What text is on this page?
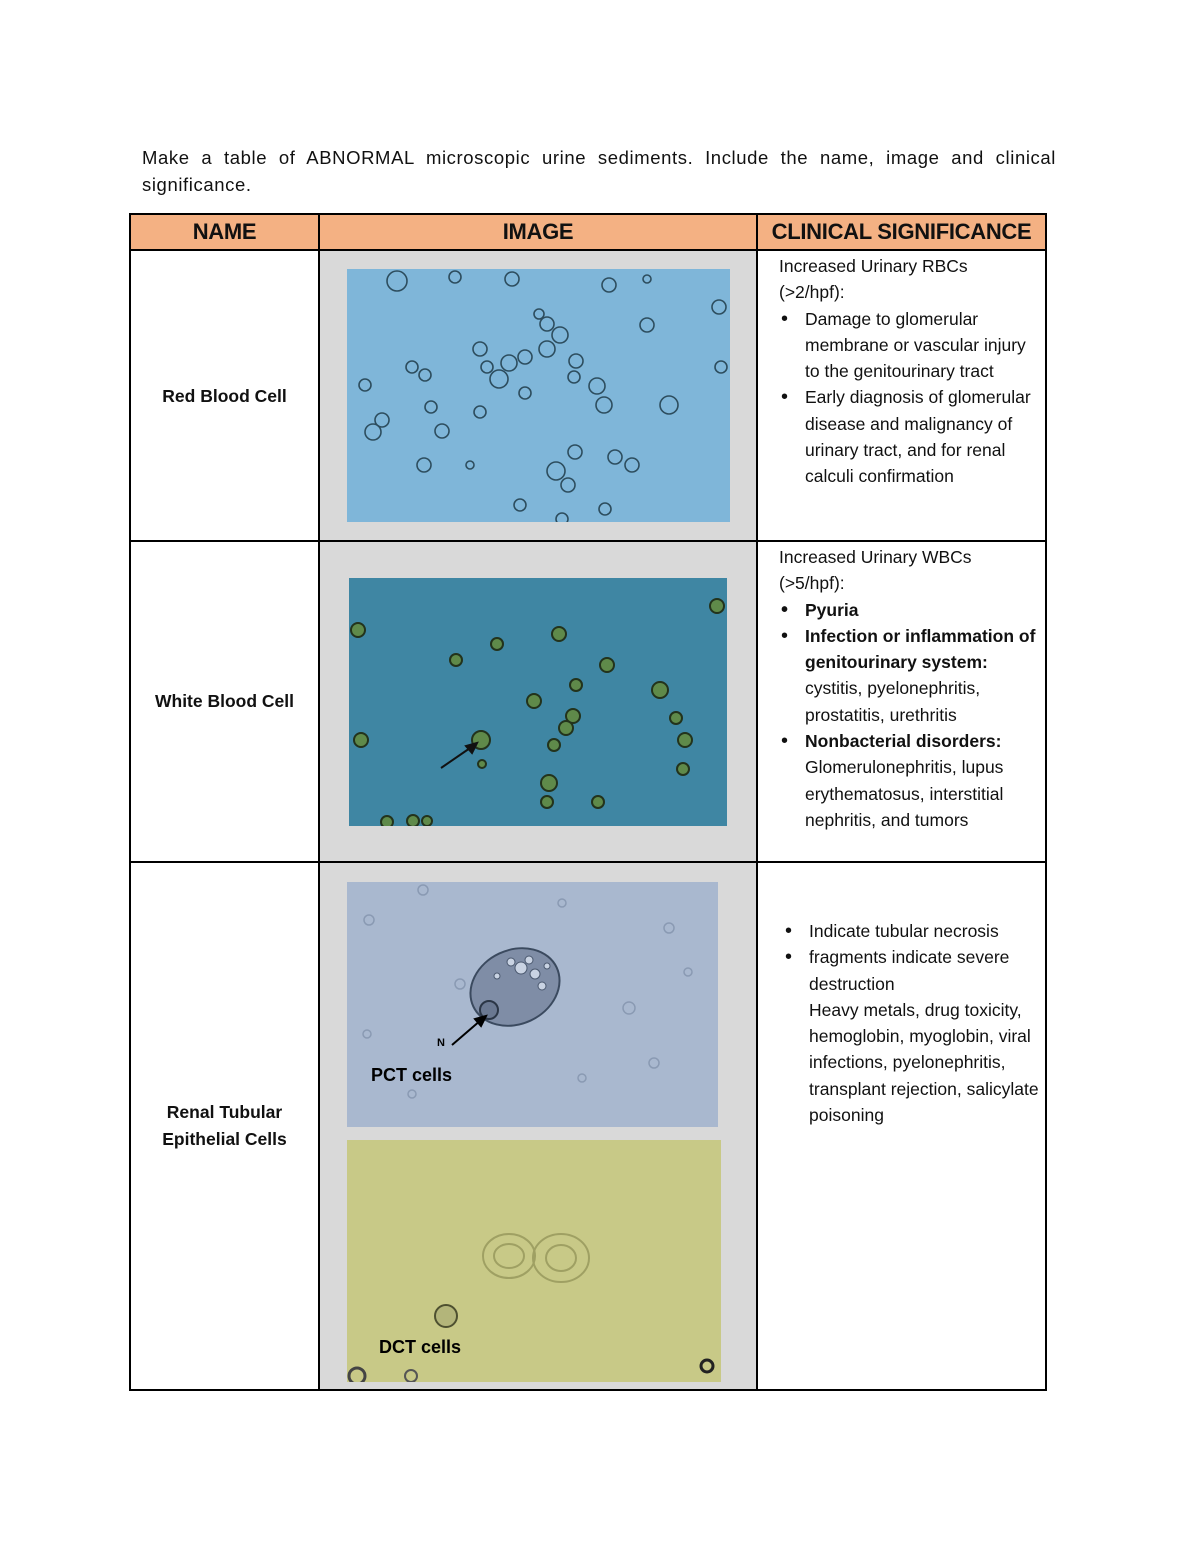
Make a table of ABNORMAL microscopic urine sediments. Include the name, image and clinical significance.
NAME	IMAGE	CLINICAL SIGNIFICANCE
Red Blood Cell
Increased Urinary RBCs
(>2/hpf):
• Damage to glomerular membrane or vascular injury to the genitourinary tract
• Early diagnosis of glomerular disease and malignancy of urinary tract, and for renal calculi confirmation
White Blood Cell
Increased Urinary WBCs
(>5/hpf):
• Pyuria
• Infection or inflammation of genitourinary system: cystitis, pyelonephritis, prostatitis, urethritis
• Nonbacterial disorders: Glomerulonephritis, lupus erythematosus, interstitial nephritis, and tumors
Renal Tubular
Epithelial Cells
N
PCT cells
DCT cells
• Indicate tubular necrosis
• fragments indicate severe destruction
Heavy metals, drug toxicity, hemoglobin, myoglobin, viral infections, pyelonephritis, transplant rejection, salicylate poisoning
